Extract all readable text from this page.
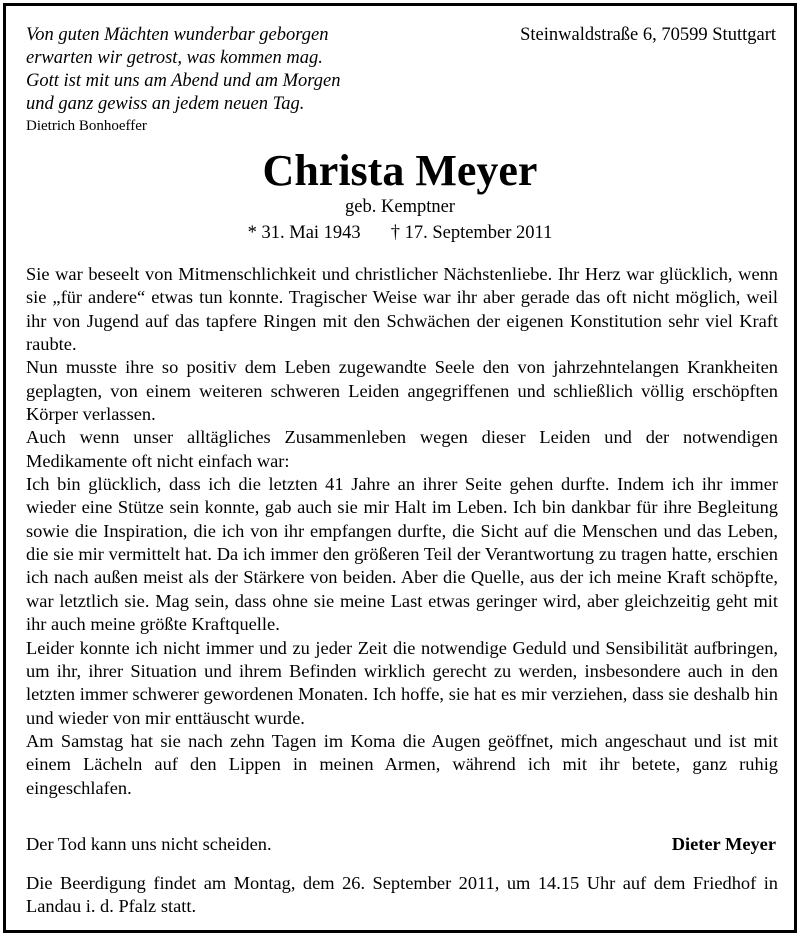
Von guten Mächten wunderbar geborgen
erwarten wir getrost, was kommen mag.
Gott ist mit uns am Abend und am Morgen
und ganz gewiss an jedem neuen Tag.
Dietrich Bonhoeffer
Steinwaldstraße 6, 70599 Stuttgart
Christa Meyer
geb. Kemptner
* 31. Mai 1943 † 17. September 2011

Sie war beseelt von Mitmenschlichkeit und christlicher Nächstenliebe. Ihr Herz war glücklich, wenn sie „für andere“ etwas tun konnte. Tragischer Weise war ihr aber gerade das oft nicht möglich, weil ihr von Jugend auf das tapfere Ringen mit den Schwächen der eigenen Konstitution sehr viel Kraft raubte.

Nun musste ihre so positiv dem Leben zugewandte Seele den von jahrzehntelangen Krankheiten geplagten, von einem weiteren schweren Leiden angegriffenen und schließlich völlig erschöpften Körper verlassen.

Auch wenn unser alltägliches Zusammenleben wegen dieser Leiden und der notwendigen Medikamente oft nicht einfach war:

Ich bin glücklich, dass ich die letzten 41 Jahre an ihrer Seite gehen durfte. Indem ich ihr immer wieder eine Stütze sein konnte, gab auch sie mir Halt im Leben. Ich bin dankbar für ihre Begleitung sowie die Inspiration, die ich von ihr empfangen durfte, die Sicht auf die Menschen und das Leben, die sie mir vermittelt hat. Da ich immer den größeren Teil der Verantwortung zu tragen hatte, erschien ich nach außen meist als der Stärkere von beiden. Aber die Quelle, aus der ich meine Kraft schöpfte, war letztlich sie. Mag sein, dass ohne sie meine Last etwas geringer wird, aber gleichzeitig geht mit ihr auch meine größte Kraftquelle.

Leider konnte ich nicht immer und zu jeder Zeit die notwendige Geduld und Sensibilität aufbringen, um ihr, ihrer Situation und ihrem Befinden wirklich gerecht zu werden, insbesondere auch in den letzten immer schwerer gewordenen Monaten. Ich hoffe, sie hat es mir verziehen, dass sie deshalb hin und wieder von mir enttäuscht wurde.

Am Samstag hat sie nach zehn Tagen im Koma die Augen geöffnet, mich angeschaut und ist mit einem Lächeln auf den Lippen in meinen Armen, während ich mit ihr betete, ganz ruhig eingeschlafen.

Der Tod kann uns nicht scheiden.	Dieter Meyer
Die Beerdigung findet am Montag, dem 26. September 2011, um 14.15 Uhr auf dem Friedhof in Landau i. d. Pfalz statt.
